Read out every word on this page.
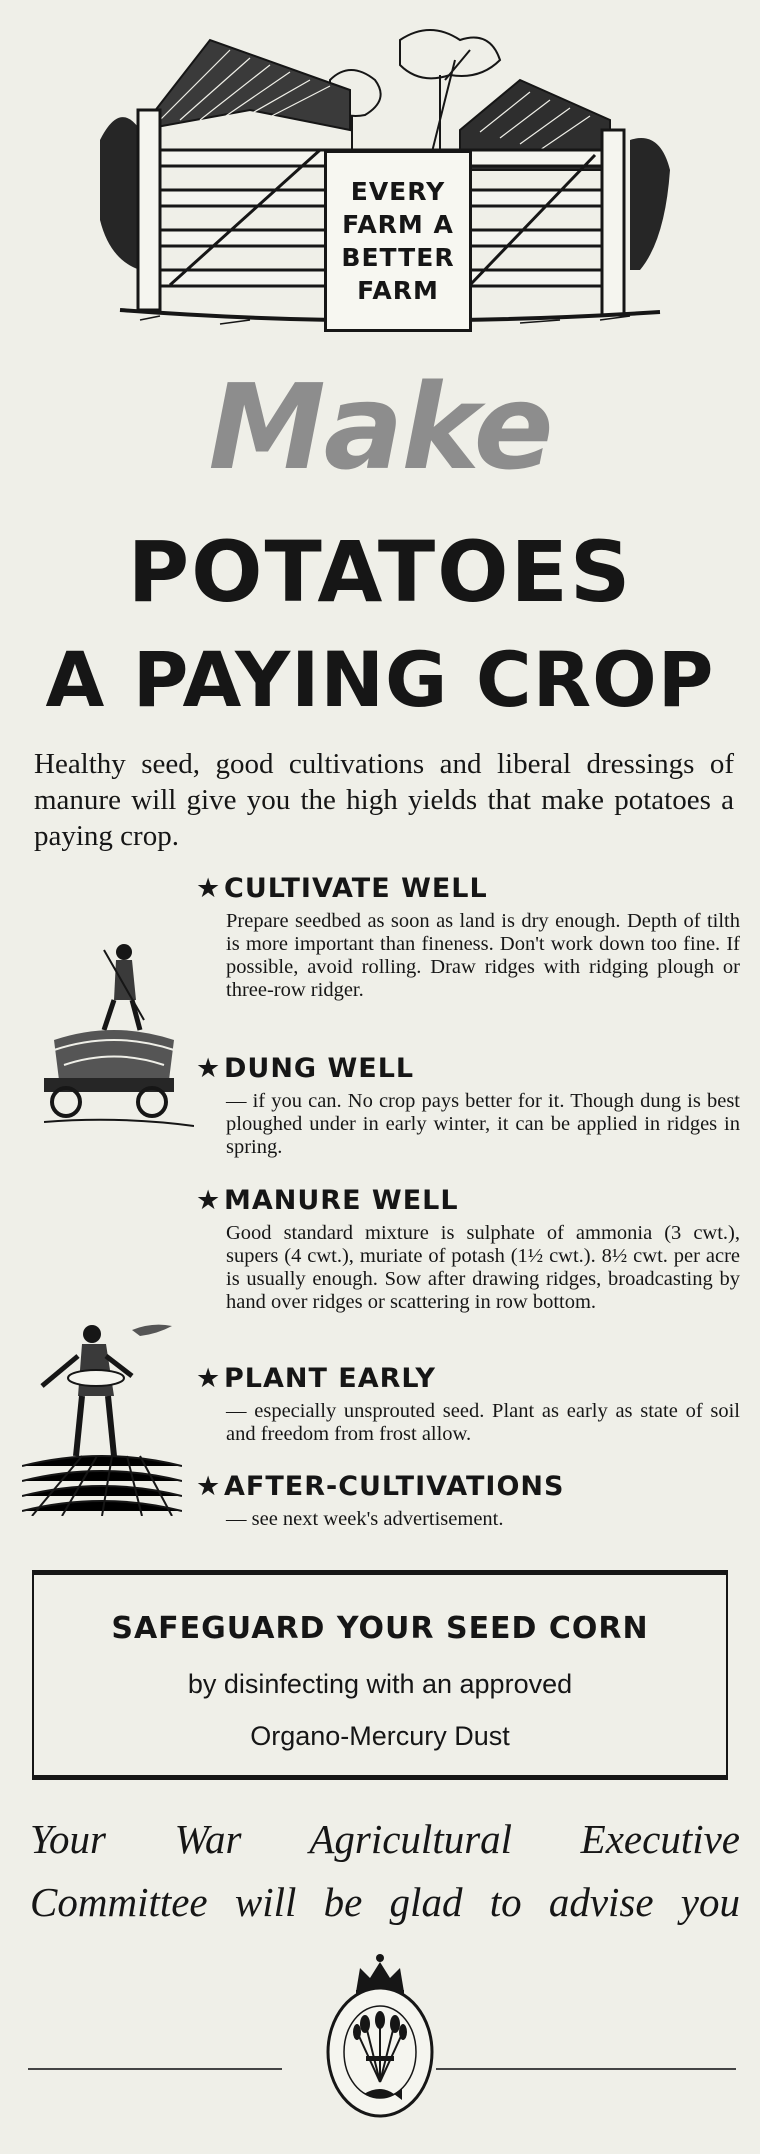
EVERY
FARM A
BETTER
FARM
Make
POTATOES
A PAYING CROP
Healthy seed, good cultivations and liberal dressings of manure will give you the high yields that make potatoes a paying crop.
★ CULTIVATE WELL
Prepare seedbed as soon as land is dry enough. Depth of tilth is more important than fineness. Don't work down too fine. If possible, avoid rolling. Draw ridges with ridging plough or three-row ridger.
★ DUNG WELL
— if you can. No crop pays better for it. Though dung is best ploughed under in early winter, it can be applied in ridges in spring.
★ MANURE WELL
Good standard mixture is sulphate of ammonia (3 cwt.), supers (4 cwt.), muriate of potash (1½ cwt.). 8½ cwt. per acre is usually enough. Sow after drawing ridges, broadcasting by hand over ridges or scattering in row bottom.
★ PLANT EARLY
— especially unsprouted seed. Plant as early as state of soil and freedom from frost allow.
★ AFTER-CULTIVATIONS
— see next week's advertisement.
SAFEGUARD YOUR SEED CORN
by disinfecting with an approved
Organo-Mercury Dust
Your War Agricultural Executive Committee will be glad to advise you
